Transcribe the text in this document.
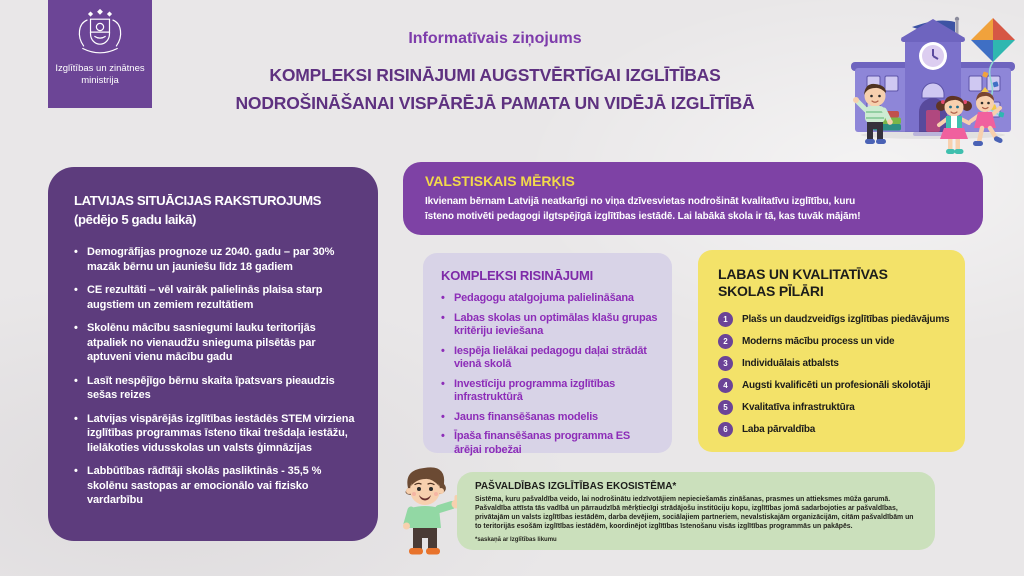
Izglītības un zinātnes
ministrija
Informatīvais ziņojums
KOMPLEKSI RISINĀJUMI AUGSTVĒRTĪGAI IZGLĪTĪBAS
NODROŠINĀŠANAI VISPĀRĒJĀ PAMATA UN VIDĒJĀ IZGLĪTĪBĀ
LATVIJAS SITUĀCIJAS RAKSTUROJUMS
(pēdējo 5 gadu laikā)
• Demogrāfijas prognoze uz 2040. gadu – par 30% mazāk bērnu un jauniešu līdz 18 gadiem
• CE rezultāti – vēl vairāk palielinās plaisa starp augstiem un zemiem rezultātiem
• Skolēnu mācību sasniegumi lauku teritorijās atpaliek no vienaudžu snieguma pilsētās par aptuveni vienu mācību gadu
• Lasīt nespējīgo bērnu skaita īpatsvars pieaudzis sešas reizes
• Latvijas vispārējās izglītības iestādēs STEM virziena izglītības programmas īsteno tikai trešdaļa iestāžu, lielākoties vidusskolas un valsts ģimnāzijas
• Labbūtības rādītāji skolās pasliktinās - 35,5 % skolēnu sastopas ar emocionālo vai fizisko vardarbību
VALSTISKAIS MĒRĶIS
Ikvienam bērnam Latvijā neatkarīgi no viņa dzīvesvietas nodrošināt kvalitatīvu izglītību, kuru
īsteno motivēti pedagogi ilgtspējīgā izglītības iestādē. Lai labākā skola ir tā, kas tuvāk mājām!
KOMPLEKSI RISINĀJUMI
• Pedagogu atalgojuma palielināšana
• Labas skolas un optimālas klašu grupas kritēriju ieviešana
• Iespēja lielākai pedagogu daļai strādāt vienā skolā
• Investīciju programma izglītības infrastruktūrā
• Jauns finansēšanas modelis
• Īpaša finansēšanas programma ES ārējai robežai
LABAS UN KVALITATĪVAS
SKOLAS PĪLĀRI
1	Plašs un daudzveidīgs izglītības piedāvājums
2	Moderns mācību process un vide
3	Individuālais atbalsts
4	Augsti kvalificēti un profesionāli skolotāji
5	Kvalitatīva infrastruktūra
6	Laba pārvaldība
PAŠVALDĪBAS IZGLĪTĪBAS EKOSISTĒMA*

Sistēma, kuru pašvaldība veido, lai nodrošinātu iedzīvotājiem nepieciešamās zināšanas, prasmes un attieksmes mūža garumā.

Pašvaldība attīsta tās vadībā un pārraudzībā mērķtiecīgi strādājošu institūciju kopu, izglītības jomā sadarbojoties ar pašvaldības, privātajām un valsts izglītības iestādēm, darba devējiem, sociālajiem partneriem, nevalstiskajām organizācijām, citām pašvaldībām un to teritorijās esošām izglītības iestādēm, koordinējot izglītības īstenošanu visās izglītības programmās un pakāpēs.

*saskaņā ar Izglītības likumu
